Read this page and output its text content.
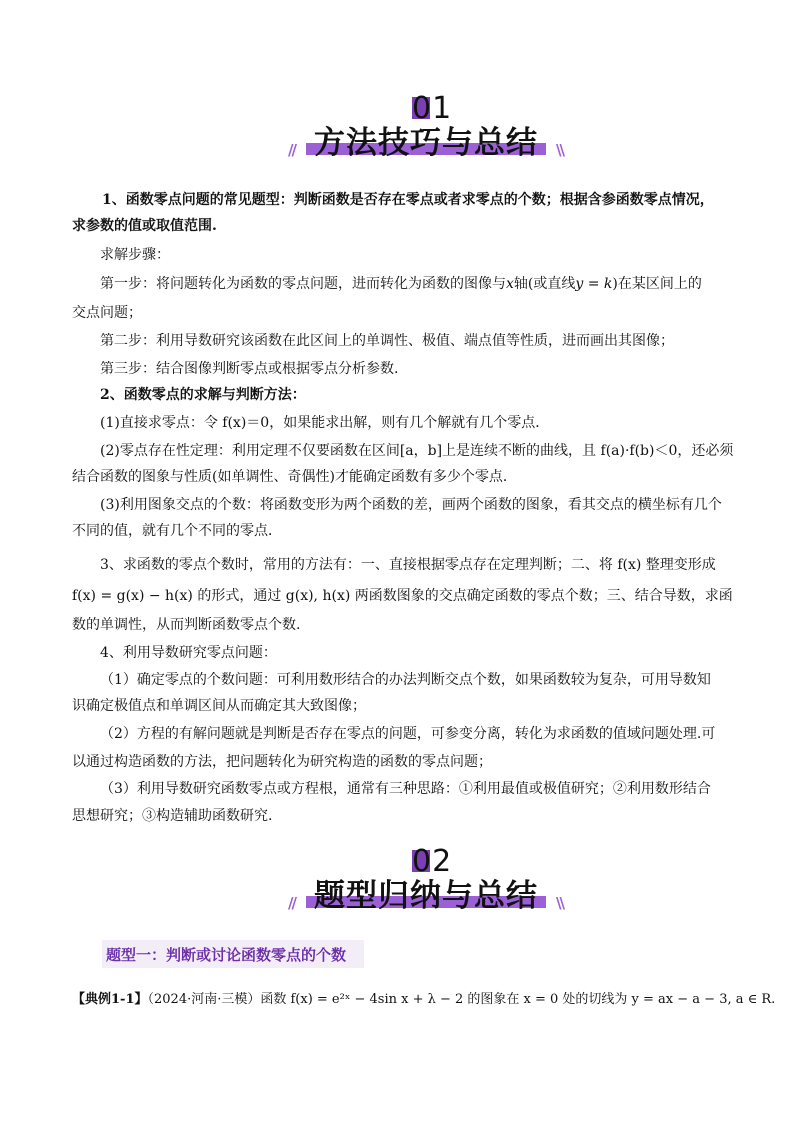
01
方法技巧与总结
//	\\
1、函数零点问题的常见题型：判断函数是否存在零点或者求零点的个数；根据含参函数零点情况，
求参数的值或取值范围.
求解步骤：
第一步：将问题转化为函数的零点问题，进而转化为函数的图像与x轴(或直线y = k)在某区间上的
交点问题；
第二步：利用导数研究该函数在此区间上的单调性、极值、端点值等性质，进而画出其图像；
第三步：结合图像判断零点或根据零点分析参数.
2、函数零点的求解与判断方法：
(1)直接求零点：令 f(x)＝0，如果能求出解，则有几个解就有几个零点．
(2)零点存在性定理：利用定理不仅要函数在区间[a，b]上是连续不断的曲线，且 f(a)·f(b)＜0，还必须
结合函数的图象与性质(如单调性、奇偶性)才能确定函数有多少个零点．
(3)利用图象交点的个数：将函数变形为两个函数的差，画两个函数的图象，看其交点的横坐标有几个
不同的值，就有几个不同的零点．
3、求函数的零点个数时，常用的方法有：一、直接根据零点存在定理判断；二、将 f(x) 整理变形成
f(x) = g(x) − h(x) 的形式，通过 g(x), h(x) 两函数图象的交点确定函数的零点个数；三、结合导数，求函
数的单调性，从而判断函数零点个数.
4、利用导数研究零点问题：
（1）确定零点的个数问题：可利用数形结合的办法判断交点个数，如果函数较为复杂，可用导数知
识确定极值点和单调区间从而确定其大致图像；
（2）方程的有解问题就是判断是否存在零点的问题，可参变分离，转化为求函数的值域问题处理.可
以通过构造函数的方法，把问题转化为研究构造的函数的零点问题；
（3）利用导数研究函数零点或方程根，通常有三种思路：①利用最值或极值研究；②利用数形结合
思想研究；③构造辅助函数研究.
02
题型归纳与总结
//	\\
题型一：判断或讨论函数零点的个数
【典例1-1】（2024·河南·三模）函数 f(x) = e²ˣ − 4sin x + λ − 2 的图象在 x = 0 处的切线为 y = ax − a − 3, a ∈ R.
